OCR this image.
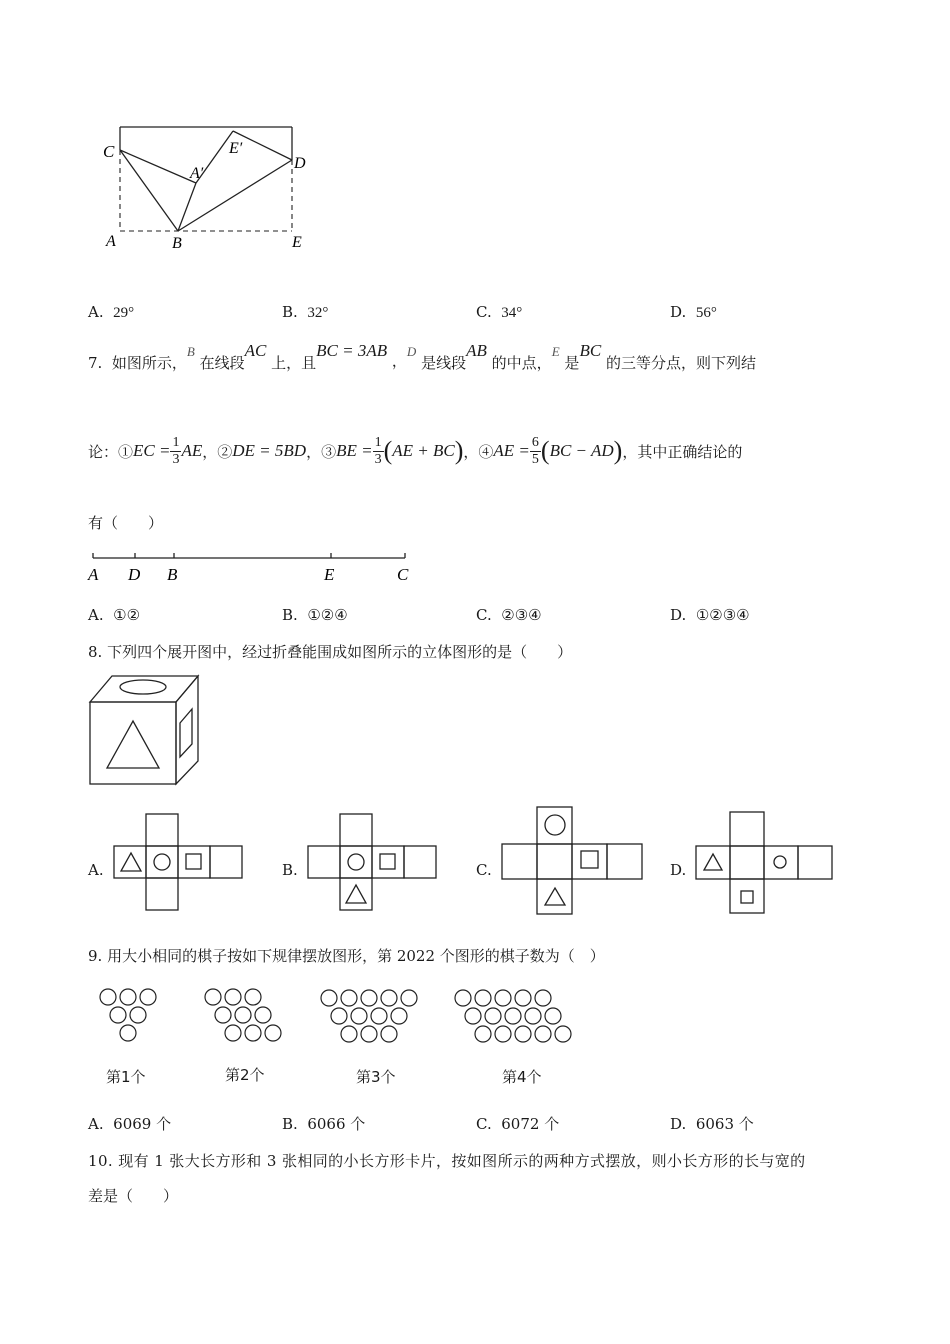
C
A′
E′
D
A	B	E
A. 29°	B. 32°	C. 34°	D. 56°
7. 如图所示，B 在线段AC 上，且BC = 3AB ，D 是线段AB 的中点，E 是BC 的三等分点，则下列结
论：① EC = $\frac{1}{3}$ AE ，② DE = 5BD ，③ BE = $\frac{1}{3}$ ( AE + BC ) ，④ AE = $\frac{6}{5}$ ( BC − AD ) ，其中正确结论的
有（　　）
A D B	E	C
A. ①②	B. ①②④	C. ②③④	D. ①②③④
8. 下列四个展开图中，经过折叠能围成如图所示的立体图形的是（　　）
A.	B.	C.	D.
9. 用大小相同的棋子按如下规律摆放图形，第 2022 个图形的棋子数为（　）
第1个	第2个	第3个	第4个
A. 6069 个	B. 6066 个	C. 6072 个	D. 6063 个
10. 现有 1 张大长方形和 3 张相同的小长方形卡片，按如图所示的两种方式摆放，则小长方形的长与宽的
差是（　　）
